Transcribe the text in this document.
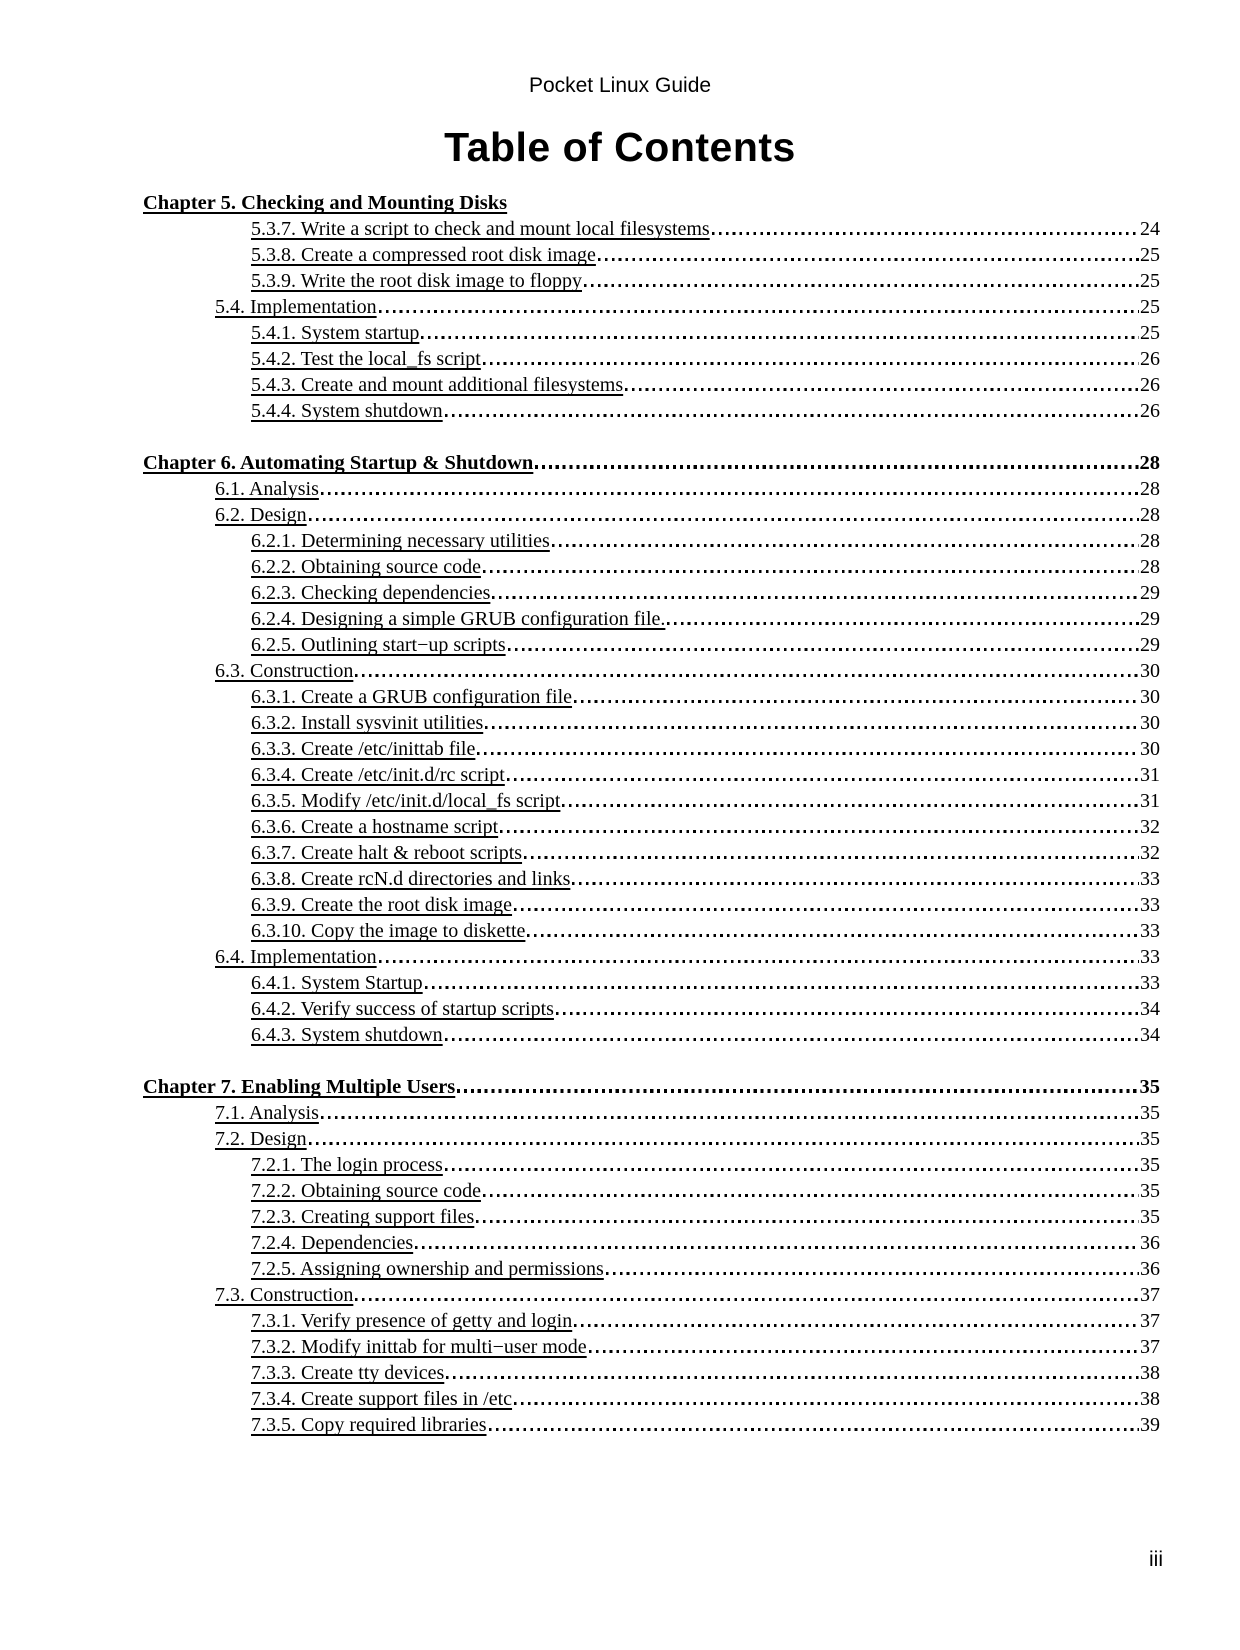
Pocket Linux Guide
Table of Contents
Chapter 5. Checking and Mounting Disks
5.3.7. Write a script to check and mount local filesystems	24
5.3.8. Create a compressed root disk image	25
5.3.9. Write the root disk image to floppy	25
5.4. Implementation	25
5.4.1. System startup	25
5.4.2. Test the local_fs script	26
5.4.3. Create and mount additional filesystems	26
5.4.4. System shutdown	26
Chapter 6. Automating Startup & Shutdown	28
6.1. Analysis	28
6.2. Design	28
6.2.1. Determining necessary utilities	28
6.2.2. Obtaining source code	28
6.2.3. Checking dependencies	29
6.2.4. Designing a simple GRUB configuration file.	29
6.2.5. Outlining start−up scripts	29
6.3. Construction	30
6.3.1. Create a GRUB configuration file	30
6.3.2. Install sysvinit utilities	30
6.3.3. Create /etc/inittab file	30
6.3.4. Create /etc/init.d/rc script	31
6.3.5. Modify /etc/init.d/local_fs script	31
6.3.6. Create a hostname script	32
6.3.7. Create halt & reboot scripts	32
6.3.8. Create rcN.d directories and links	33
6.3.9. Create the root disk image	33
6.3.10. Copy the image to diskette	33
6.4. Implementation	33
6.4.1. System Startup	33
6.4.2. Verify success of startup scripts	34
6.4.3. System shutdown	34
Chapter 7. Enabling Multiple Users	35
7.1. Analysis	35
7.2. Design	35
7.2.1. The login process	35
7.2.2. Obtaining source code	35
7.2.3. Creating support files	35
7.2.4. Dependencies	36
7.2.5. Assigning ownership and permissions	36
7.3. Construction	37
7.3.1. Verify presence of getty and login	37
7.3.2. Modify inittab for multi−user mode	37
7.3.3. Create tty devices	38
7.3.4. Create support files in /etc	38
7.3.5. Copy required libraries	39
iii
